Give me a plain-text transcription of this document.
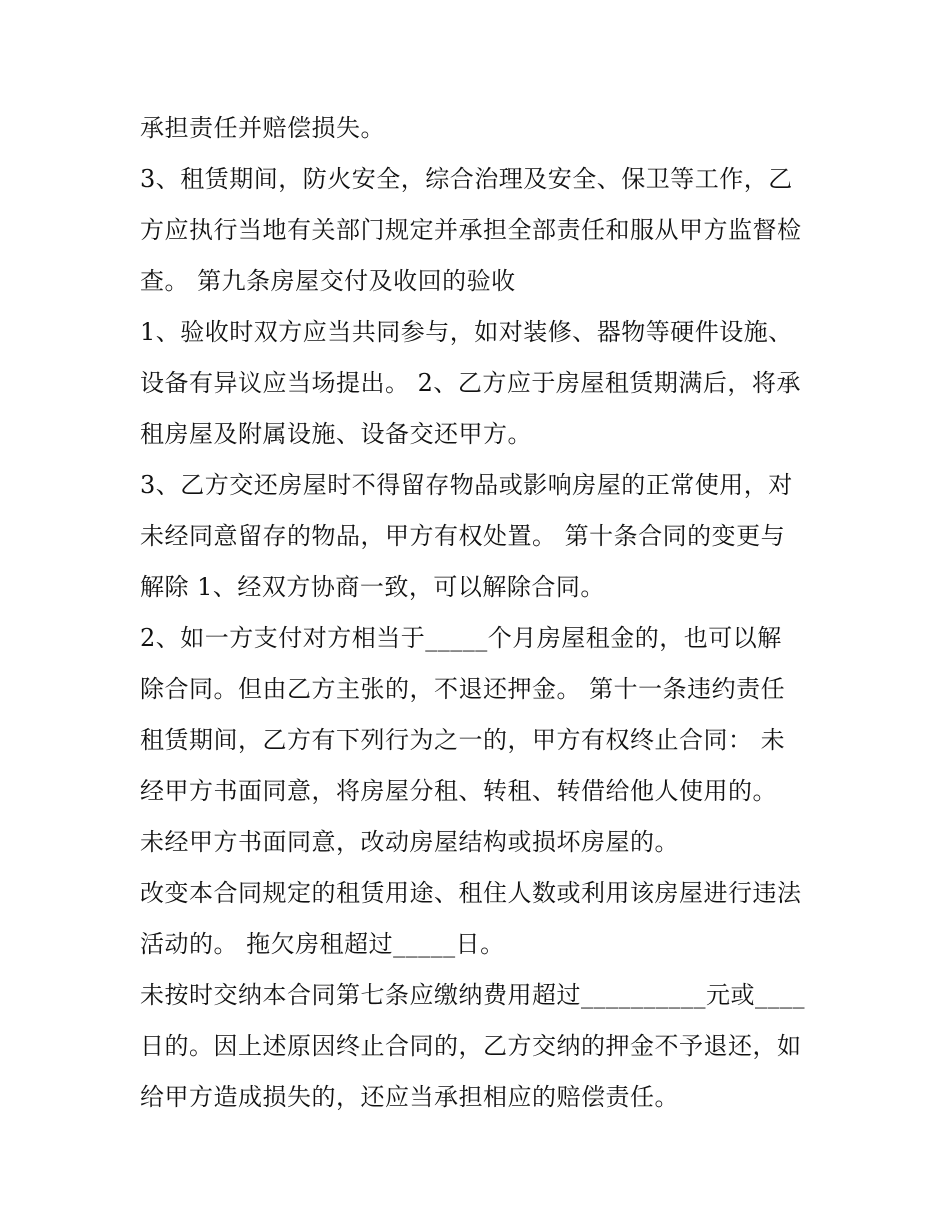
承担责任并赔偿损失。
3、租赁期间，防火安全，综合治理及安全、保卫等工作，乙
方应执行当地有关部门规定并承担全部责任和服从甲方监督检
查。 第九条房屋交付及收回的验收
1、验收时双方应当共同参与，如对装修、器物等硬件设施、
设备有异议应当场提出。 2、乙方应于房屋租赁期满后，将承
租房屋及附属设施、设备交还甲方。
3、乙方交还房屋时不得留存物品或影响房屋的正常使用，对
未经同意留存的物品，甲方有权处置。 第十条合同的变更与
解除 1、经双方协商一致，可以解除合同。
2、如一方支付对方相当于_____个月房屋租金的，也可以解
除合同。但由乙方主张的，不退还押金。 第十一条违约责任
租赁期间，乙方有下列行为之一的，甲方有权终止合同： 未
经甲方书面同意，将房屋分租、转租、转借给他人使用的。
未经甲方书面同意，改动房屋结构或损坏房屋的。
改变本合同规定的租赁用途、租住人数或利用该房屋进行违法
活动的。 拖欠房租超过_____日。
未按时交纳本合同第七条应缴纳费用超过__________元或____
日的。因上述原因终止合同的，乙方交纳的押金不予退还，如
给甲方造成损失的，还应当承担相应的赔偿责任。
